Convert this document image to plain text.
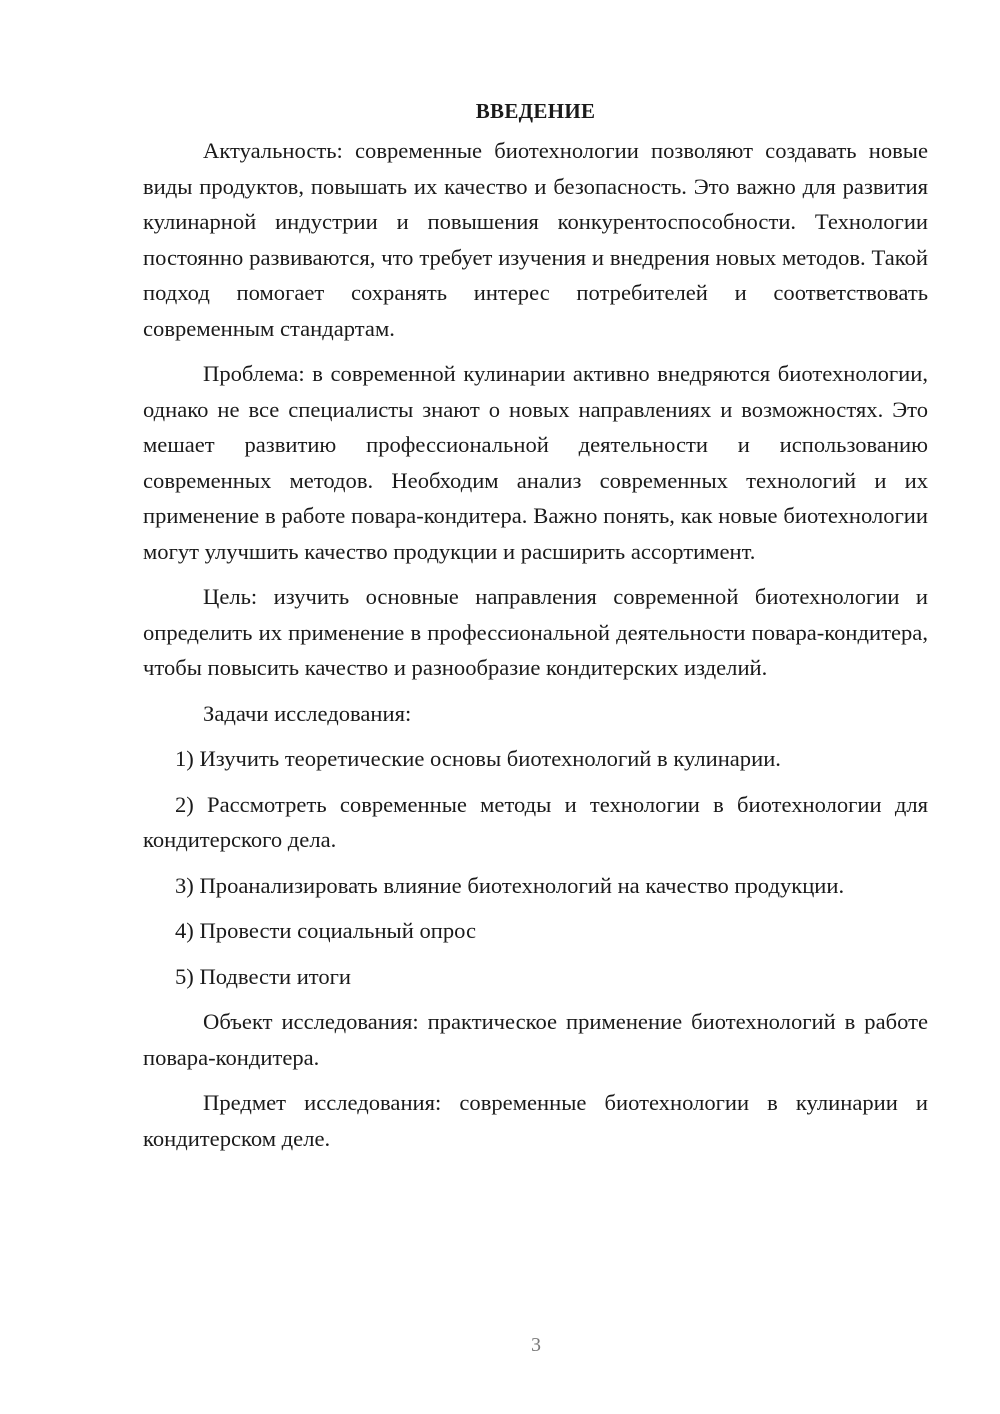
ВВЕДЕНИЕ

Актуальность: современные биотехнологии позволяют создавать новые виды продуктов, повышать их качество и безопасность. Это важно для развития кулинарной индустрии и повышения конкурентоспособности. Технологии постоянно развиваются, что требует изучения и внедрения новых методов. Такой подход помогает сохранять интерес потребителей и соответствовать современным стандартам.

Проблема: в современной кулинарии активно внедряются биотехнологии, однако не все специалисты знают о новых направлениях и возможностях. Это мешает развитию профессиональной деятельности и использованию современных методов. Необходим анализ современных технологий и их применение в работе повара-кондитера. Важно понять, как новые биотехнологии могут улучшить качество продукции и расширить ассортимент.

Цель: изучить основные направления современной биотехнологии и определить их применение в профессиональной деятельности повара-кондитера, чтобы повысить качество и разнообразие кондитерских изделий.

Задачи исследования:

1) Изучить теоретические основы биотехнологий в кулинарии.

2) Рассмотреть современные методы и технологии в биотехнологии для кондитерского дела.

3) Проанализировать влияние биотехнологий на качество продукции.

4) Провести социальный опрос

5) Подвести итоги

Объект исследования: практическое применение биотехнологий в работе повара-кондитера.

Предмет исследования: современные биотехнологии в кулинарии и кондитерском деле.

3
